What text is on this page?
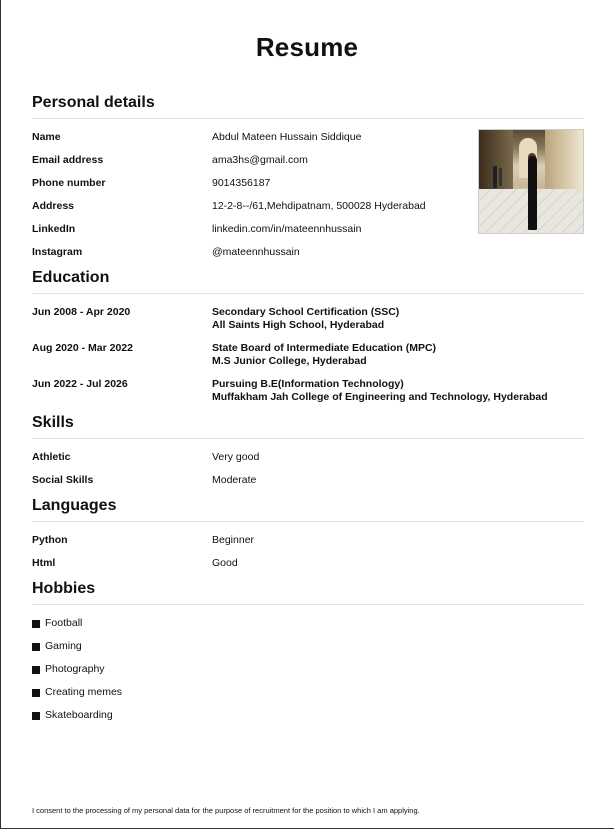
Resume
Personal details
Name	Abdul Mateen Hussain Siddique
Email address	ama3hs@gmail.com
Phone number	9014356187
Address	12-2-8--/61,Mehdipatnam, 500028 Hyderabad
LinkedIn	linkedin.com/in/mateennhussain
Instagram	@mateennhussain
Education
Jun 2008 - Apr 2020	Secondary School Certification (SSC)
All Saints High School, Hyderabad
Aug 2020 - Mar 2022	State Board of Intermediate Education (MPC)
M.S Junior College, Hyderabad
Jun 2022 - Jul 2026	Pursuing B.E(Information Technology)
Muffakham Jah College of Engineering and Technology, Hyderabad
Skills
Athletic	Very good
Social Skills	Moderate
Languages
Python	Beginner
Html	Good
Hobbies
Football
Gaming
Photography
Creating memes
Skateboarding
I consent to the processing of my personal data for the purpose of recruitment for the position to which I am applying.
